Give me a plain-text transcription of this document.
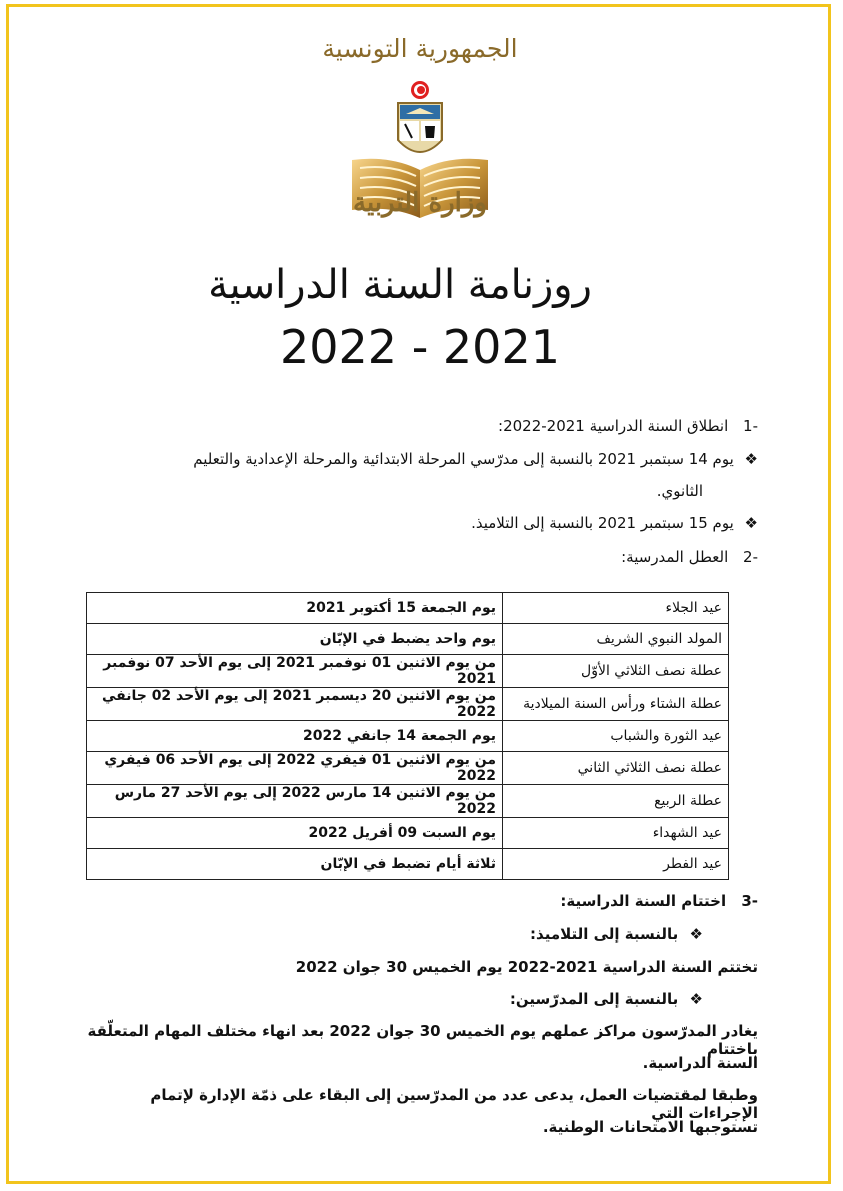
الجمهورية التونسية
وزارة التربية
روزنامة السنة الدراسية
2022 - 2021
-1 انطلاق السنة الدراسية 2021-2022:
❖ يوم 14 سبتمبر 2021 بالنسبة إلى مدرّسي المرحلة الابتدائية والمرحلة الإعدادية والتعليم
الثانوي.
❖ يوم 15 سبتمبر 2021 بالنسبة إلى التلاميذ.
-2 العطل المدرسية:
عيد الجلاء	يوم الجمعة 15 أكتوبر 2021
المولد النبوي الشريف	يوم واحد يضبط في الإبّان
عطلة نصف الثلاثي الأوّل	من يوم الاثنين 01 نوفمبر 2021 إلى يوم الأحد 07 نوفمبر 2021
عطلة الشتاء ورأس السنة الميلادية	من يوم الاثنين 20 ديسمبر 2021 إلى يوم الأحد 02 جانفي 2022
عيد الثورة والشباب	يوم الجمعة 14 جانفي 2022
عطلة نصف الثلاثي الثاني	من يوم الاثنين 01 فيفري 2022 إلى يوم الأحد 06 فيفري 2022
عطلة الربيع	من يوم الاثنين 14 مارس 2022 إلى يوم الأحد 27 مارس 2022
عيد الشهداء	يوم السبت 09 أفريل 2022
عيد الفطر	ثلاثة أيام تضبط في الإبّان
-3 اختتام السنة الدراسية:
❖ بالنسبة إلى التلاميذ:
تختتم السنة الدراسية 2021-2022 يوم الخميس 30 جوان 2022
❖ بالنسبة إلى المدرّسين:
يغادر المدرّسون مراكز عملهم يوم الخميس 30 جوان 2022 بعد انهاء مختلف المهام المتعلّقة باختتام
السنة الدراسية.
وطبقا لمقتضيات العمل، يدعى عدد من المدرّسين إلى البقاء على ذمّة الإدارة لإتمام الإجراءات التي
تستوجبها الامتحانات الوطنية.
